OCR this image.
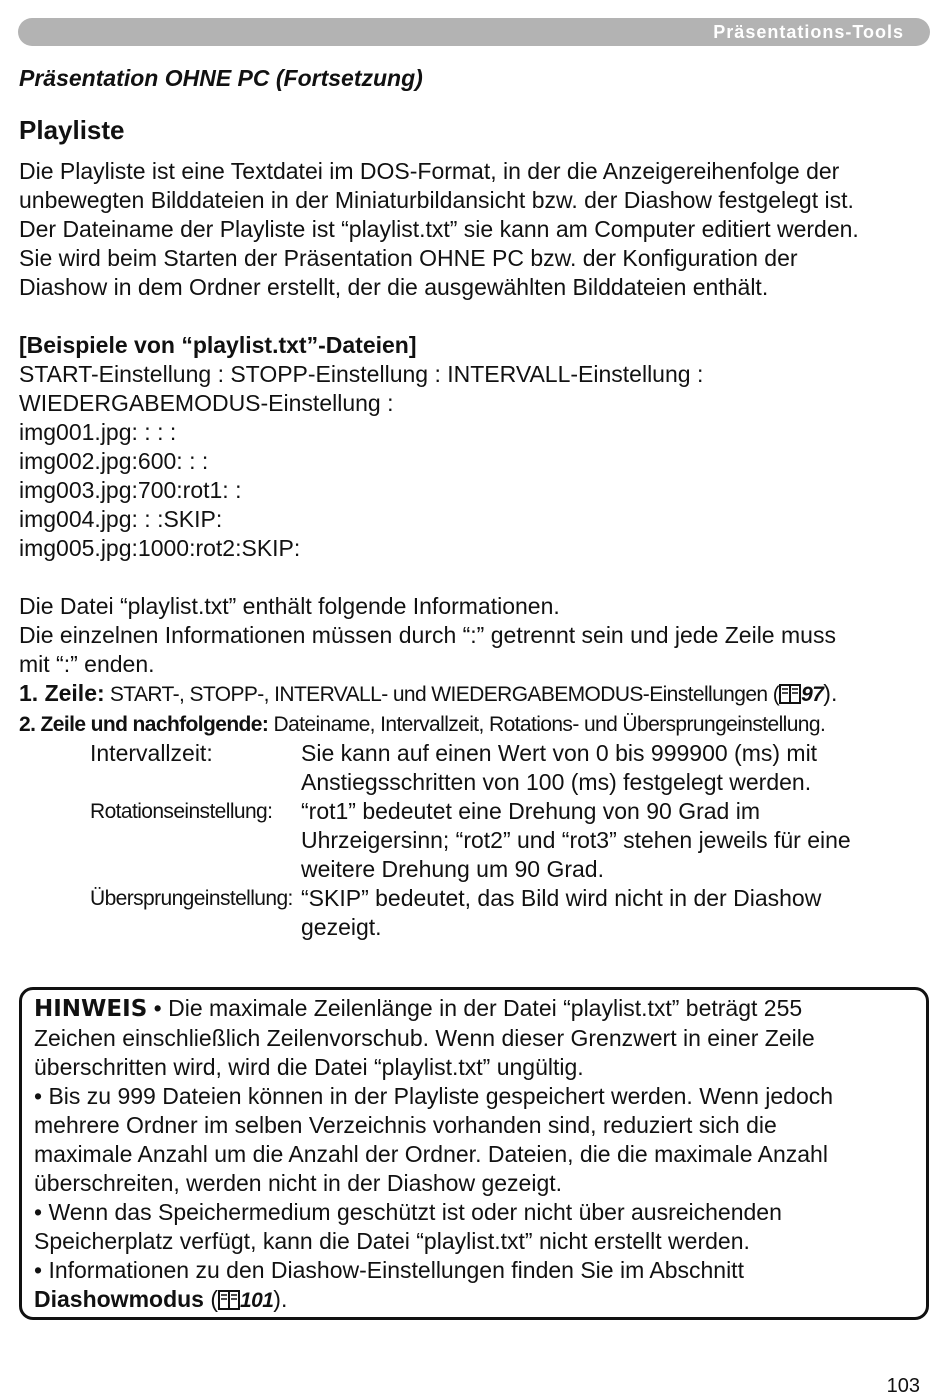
Präsentations-Tools

Präsentation OHNE PC (Fortsetzung)

Playliste

Die Playliste ist eine Textdatei im DOS-Format, in der die Anzeigereihenfolge der

unbewegten Bilddateien in der Miniaturbildansicht bzw. der Diashow festgelegt ist.

Der Dateiname der Playliste ist “playlist.txt” sie kann am Computer editiert werden.

Sie wird beim Starten der Präsentation OHNE PC bzw. der Konfiguration der

Diashow in dem Ordner erstellt, der die ausgewählten Bilddateien enthält.

[Beispiele von “playlist.txt”-Dateien]

START-Einstellung : STOPP-Einstellung : INTERVALL-Einstellung :

WIEDERGABEMODUS-Einstellung :

img001.jpg: : : :

img002.jpg:600: : :

img003.jpg:700:rot1: :

img004.jpg: : :SKIP:

img005.jpg:1000:rot2:SKIP:

Die Datei “playlist.txt” enthält folgende Informationen.

Die einzelnen Informationen müssen durch “:” getrennt sein und jede Zeile muss

mit “:” enden.

1. Zeile: START-, STOPP-, INTERVALL- und WIEDERGABEMODUS-Einstellungen ( 97).

2. Zeile und nachfolgende: Dateiname, Intervallzeit, Rotations- und Übersprungeinstellung.

Intervallzeit:	Sie kann auf einen Wert von 0 bis 999900 (ms) mit
Anstiegsschritten von 100 (ms) festgelegt werden.
Rotationseinstellung:	“rot1” bedeutet eine Drehung von 90 Grad im
Uhrzeigersinn; “rot2” und “rot3” stehen jeweils für eine
weitere Drehung um 90 Grad.
Übersprungeinstellung: “SKIP” bedeutet, das Bild wird nicht in der Diashow
gezeigt.

HINWEIS • Die maximale Zeilenlänge in der Datei “playlist.txt” beträgt 255

Zeichen einschließlich Zeilenvorschub. Wenn dieser Grenzwert in einer Zeile

überschritten wird, wird die Datei “playlist.txt” ungültig.

• Bis zu 999 Dateien können in der Playliste gespeichert werden. Wenn jedoch

mehrere Ordner im selben Verzeichnis vorhanden sind, reduziert sich die

maximale Anzahl um die Anzahl der Ordner. Dateien, die die maximale Anzahl

überschreiten, werden nicht in der Diashow gezeigt.

• Wenn das Speichermedium geschützt ist oder nicht über ausreichenden

Speicherplatz verfügt, kann die Datei “playlist.txt” nicht erstellt werden.

• Informationen zu den Diashow-Einstellungen finden Sie im Abschnitt

Diashowmodus ( 101).

103
